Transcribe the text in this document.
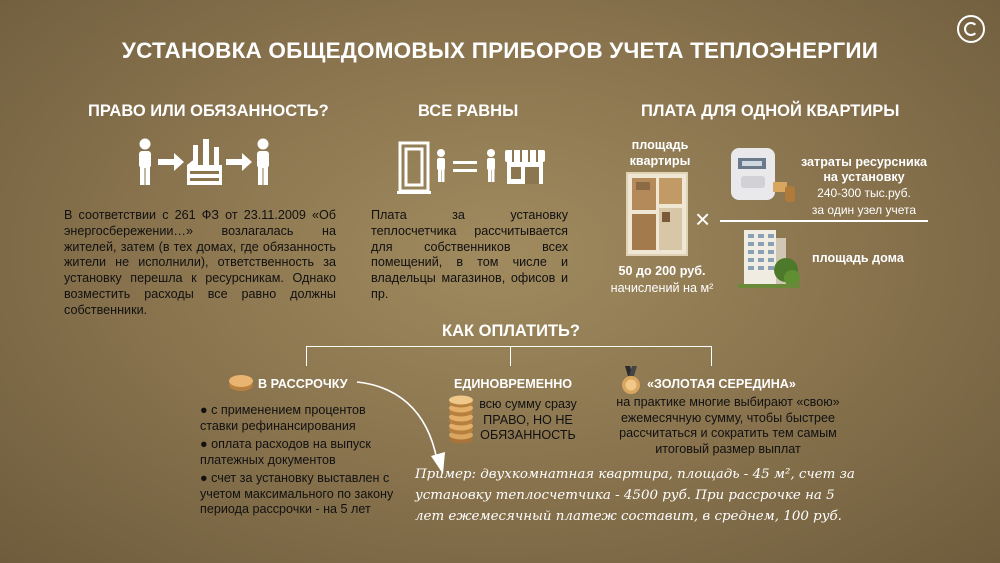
УСТАНОВКА ОБЩЕДОМОВЫХ ПРИБОРОВ УЧЕТА ТЕПЛОЭНЕРГИИ
ПРАВО ИЛИ ОБЯЗАННОСТЬ?
В соответствии с 261 ФЗ от 23.11.2009 «Об энергосбережении…» возлагалась на жителей, затем (в тех домах, где обязанность жители не исполнили), ответственность за установку перешла к ресурсникам. Однако возместить расходы все равно должны собственники.
ВСЕ РАВНЫ
Плата за установку теплосчетчика рассчитывается для собственников всех помещений, в том числе и владельцы магазинов, офисов и пр.
ПЛАТА ДЛЯ ОДНОЙ КВАРТИРЫ
площадь квартиры
50 до 200 руб.
начислений на м²
×
затраты ресурсника на установку
240-300 тыс.руб.
за один узел учета
площадь дома
КАК ОПЛАТИТЬ?
В РАССРОЧКУ
● с применением процентов ставки рефинансирования
● оплата расходов на выпуск платежных документов
● счет за установку выставлен с учетом максимального по закону периода рассрочки - на 5 лет
ЕДИНОВРЕМЕННО
всю сумму сразу ПРАВО, НО НЕ ОБЯЗАННОСТЬ
«ЗОЛОТАЯ СЕРЕДИНА»
на практике многие выбирают «свою» ежемесячную сумму, чтобы быстрее рассчитаться и сократить тем самым итоговый размер выплат
Пример: двухкомнатная квартира, площадь - 45 м², счет за установку теплосчетчика - 4500 руб. При рассрочке на 5 лет ежемесячный платеж составит, в среднем, 100 руб.
